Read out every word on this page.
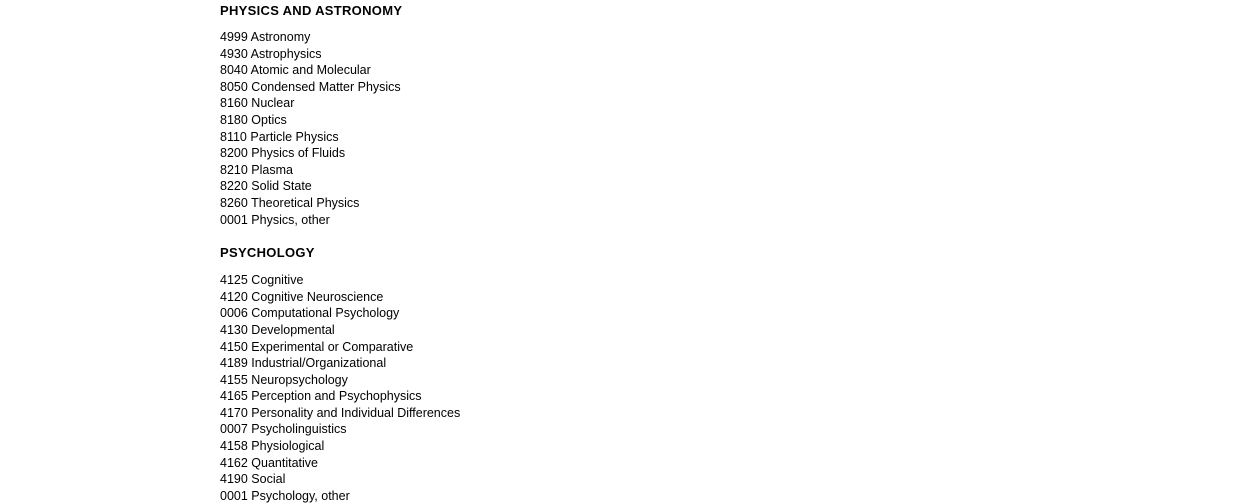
PHYSICS AND ASTRONOMY
4999 Astronomy
4930 Astrophysics
8040 Atomic and Molecular
8050 Condensed Matter Physics
8160 Nuclear
8180 Optics
8110 Particle Physics
8200 Physics of Fluids
8210 Plasma
8220 Solid State
8260 Theoretical Physics
0001 Physics, other
PSYCHOLOGY
4125 Cognitive
4120 Cognitive Neuroscience
0006 Computational Psychology
4130 Developmental
4150 Experimental or Comparative
4189 Industrial/Organizational
4155 Neuropsychology
4165 Perception and Psychophysics
4170 Personality and Individual Differences
0007 Psycholinguistics
4158 Physiological
4162 Quantitative
4190 Social
0001 Psychology, other
